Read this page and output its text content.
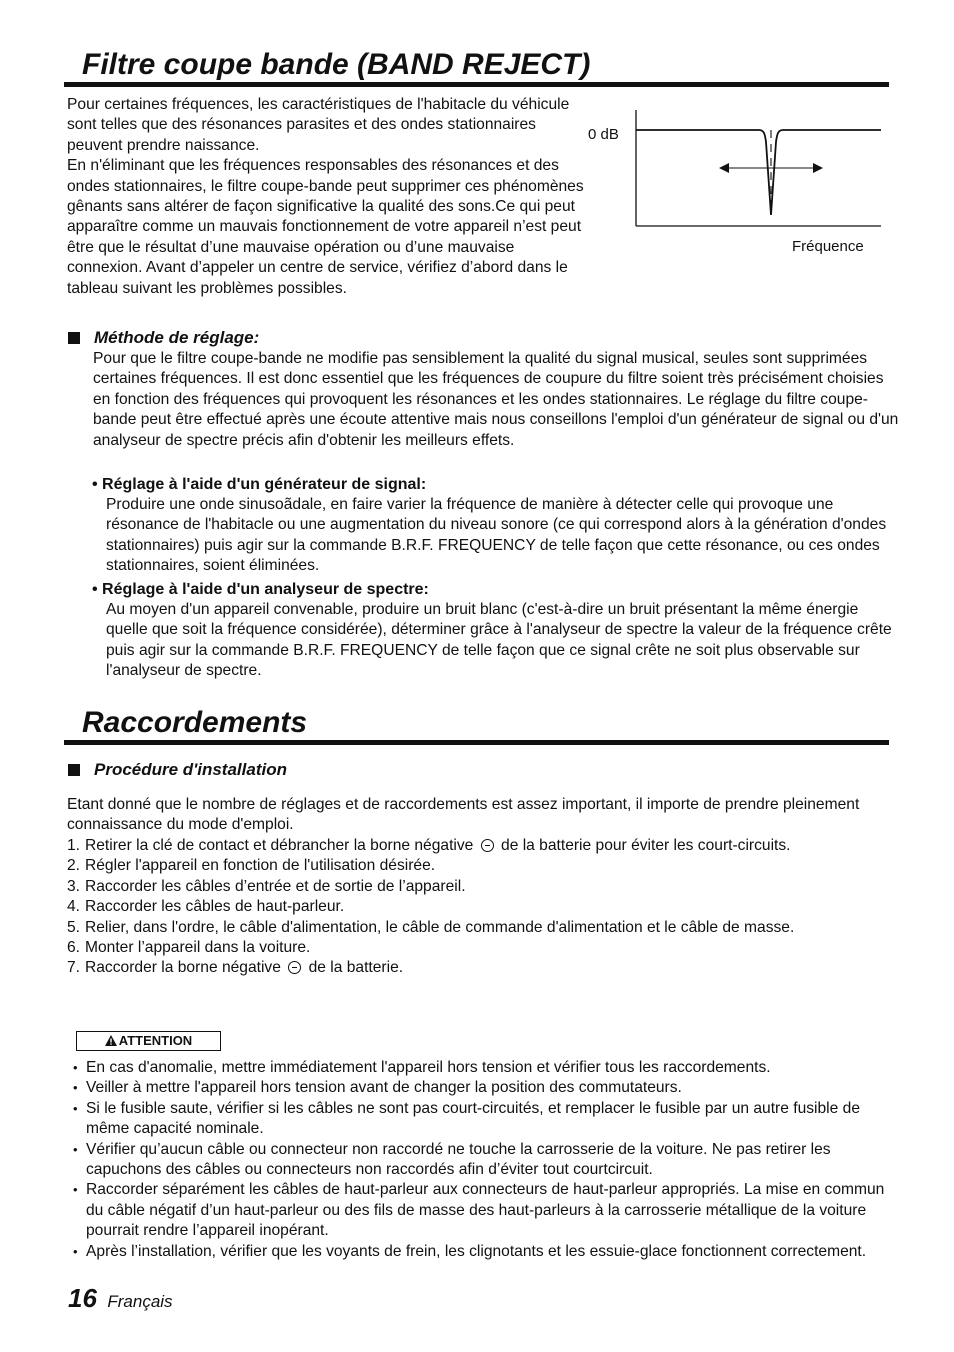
Filtre coupe bande (BAND REJECT)

Pour certaines fréquences, les caractéristiques de l'habitacle du véhicule sont telles que des résonances parasites et des ondes stationnaires peuvent prendre naissance.

En n'éliminant que les fréquences responsables des résonances et des ondes stationnaires, le filtre coupe-bande peut supprimer ces phénomènes gênants sans altérer de façon significative la qualité des sons.Ce qui peut apparaître comme un mauvais fonctionnement de votre appareil n’est peut être que le résultat d’une mauvaise opération ou d’une mauvaise connexion. Avant d’appeler un centre de service, vérifiez d’abord dans le tableau suivant les problèmes possibles.

0 dB
Fréquence
Méthode de réglage:

Pour que le filtre coupe-bande ne modifie pas sensiblement la qualité du signal musical, seules sont supprimées certaines fréquences. Il est donc essentiel que les fréquences de coupure du filtre soient très précisément choisies en fonction des fréquences qui provoquent les résonances et les ondes stationnaires. Le réglage du filtre coupe-bande peut être effectué après une écoute attentive mais nous conseillons l'emploi d'un générateur de signal ou d'un analyseur de spectre précis afin d'obtenir les meilleurs effets.

• Réglage à l'aide d'un générateur de signal:

Produire une onde sinusoãdale, en faire varier la fréquence de manière à détecter celle qui provoque une résonance de l'habitacle ou une augmentation du niveau sonore (ce qui correspond alors à la génération d'ondes stationnaires) puis agir sur la commande B.R.F. FREQUENCY de telle façon que cette résonance, ou ces ondes stationnaires, soient éliminées.

• Réglage à l'aide d'un analyseur de spectre:

Au moyen d'un appareil convenable, produire un bruit blanc (c'est-à-dire un bruit présentant la même énergie quelle que soit la fréquence considérée), déterminer grâce à l'analyseur de spectre la valeur de la fréquence crête puis agir sur la commande B.R.F. FREQUENCY de telle façon que ce signal crête ne soit plus observable sur l'analyseur de spectre.

Raccordements
Procédure d'installation

Etant donné que le nombre de réglages et de raccordements est assez important, il importe de prendre pleinement connaissance du mode d'emploi.

1. Retirer la clé de contact et débrancher la borne négative de la batterie pour éviter les court-circuits.
2. Régler l'appareil en fonction de l'utilisation désirée.
3. Raccorder les câbles d’entrée et de sortie de l’appareil.
4. Raccorder les câbles de haut-parleur.
5. Relier, dans l'ordre, le câble d'alimentation, le câble de commande d'alimentation et le câble de masse.
6. Monter l’appareil dans la voiture.
7. Raccorder la borne négative de la batterie.
ATTENTION
• En cas d'anomalie, mettre immédiatement l'appareil hors tension et vérifier tous les raccordements.
• Veiller à mettre l'appareil hors tension avant de changer la position des commutateurs.
• Si le fusible saute, vérifier si les câbles ne sont pas court-circuités, et remplacer le fusible par un autre fusible de même capacité nominale.
• Vérifier qu’aucun câble ou connecteur non raccordé ne touche la carrosserie de la voiture. Ne pas retirer les capuchons des câbles ou connecteurs non raccordés afin d’éviter tout courtcircuit.
• Raccorder séparément les câbles de haut-parleur aux connecteurs de haut-parleur appropriés. La mise en commun du câble négatif d’un haut-parleur ou des fils de masse des haut-parleurs à la carrosserie métallique de la voiture pourrait rendre l’appareil inopérant.
• Après l’installation, vérifier que les voyants de frein, les clignotants et les essuie-glace fonctionnent correctement.
16 Français
